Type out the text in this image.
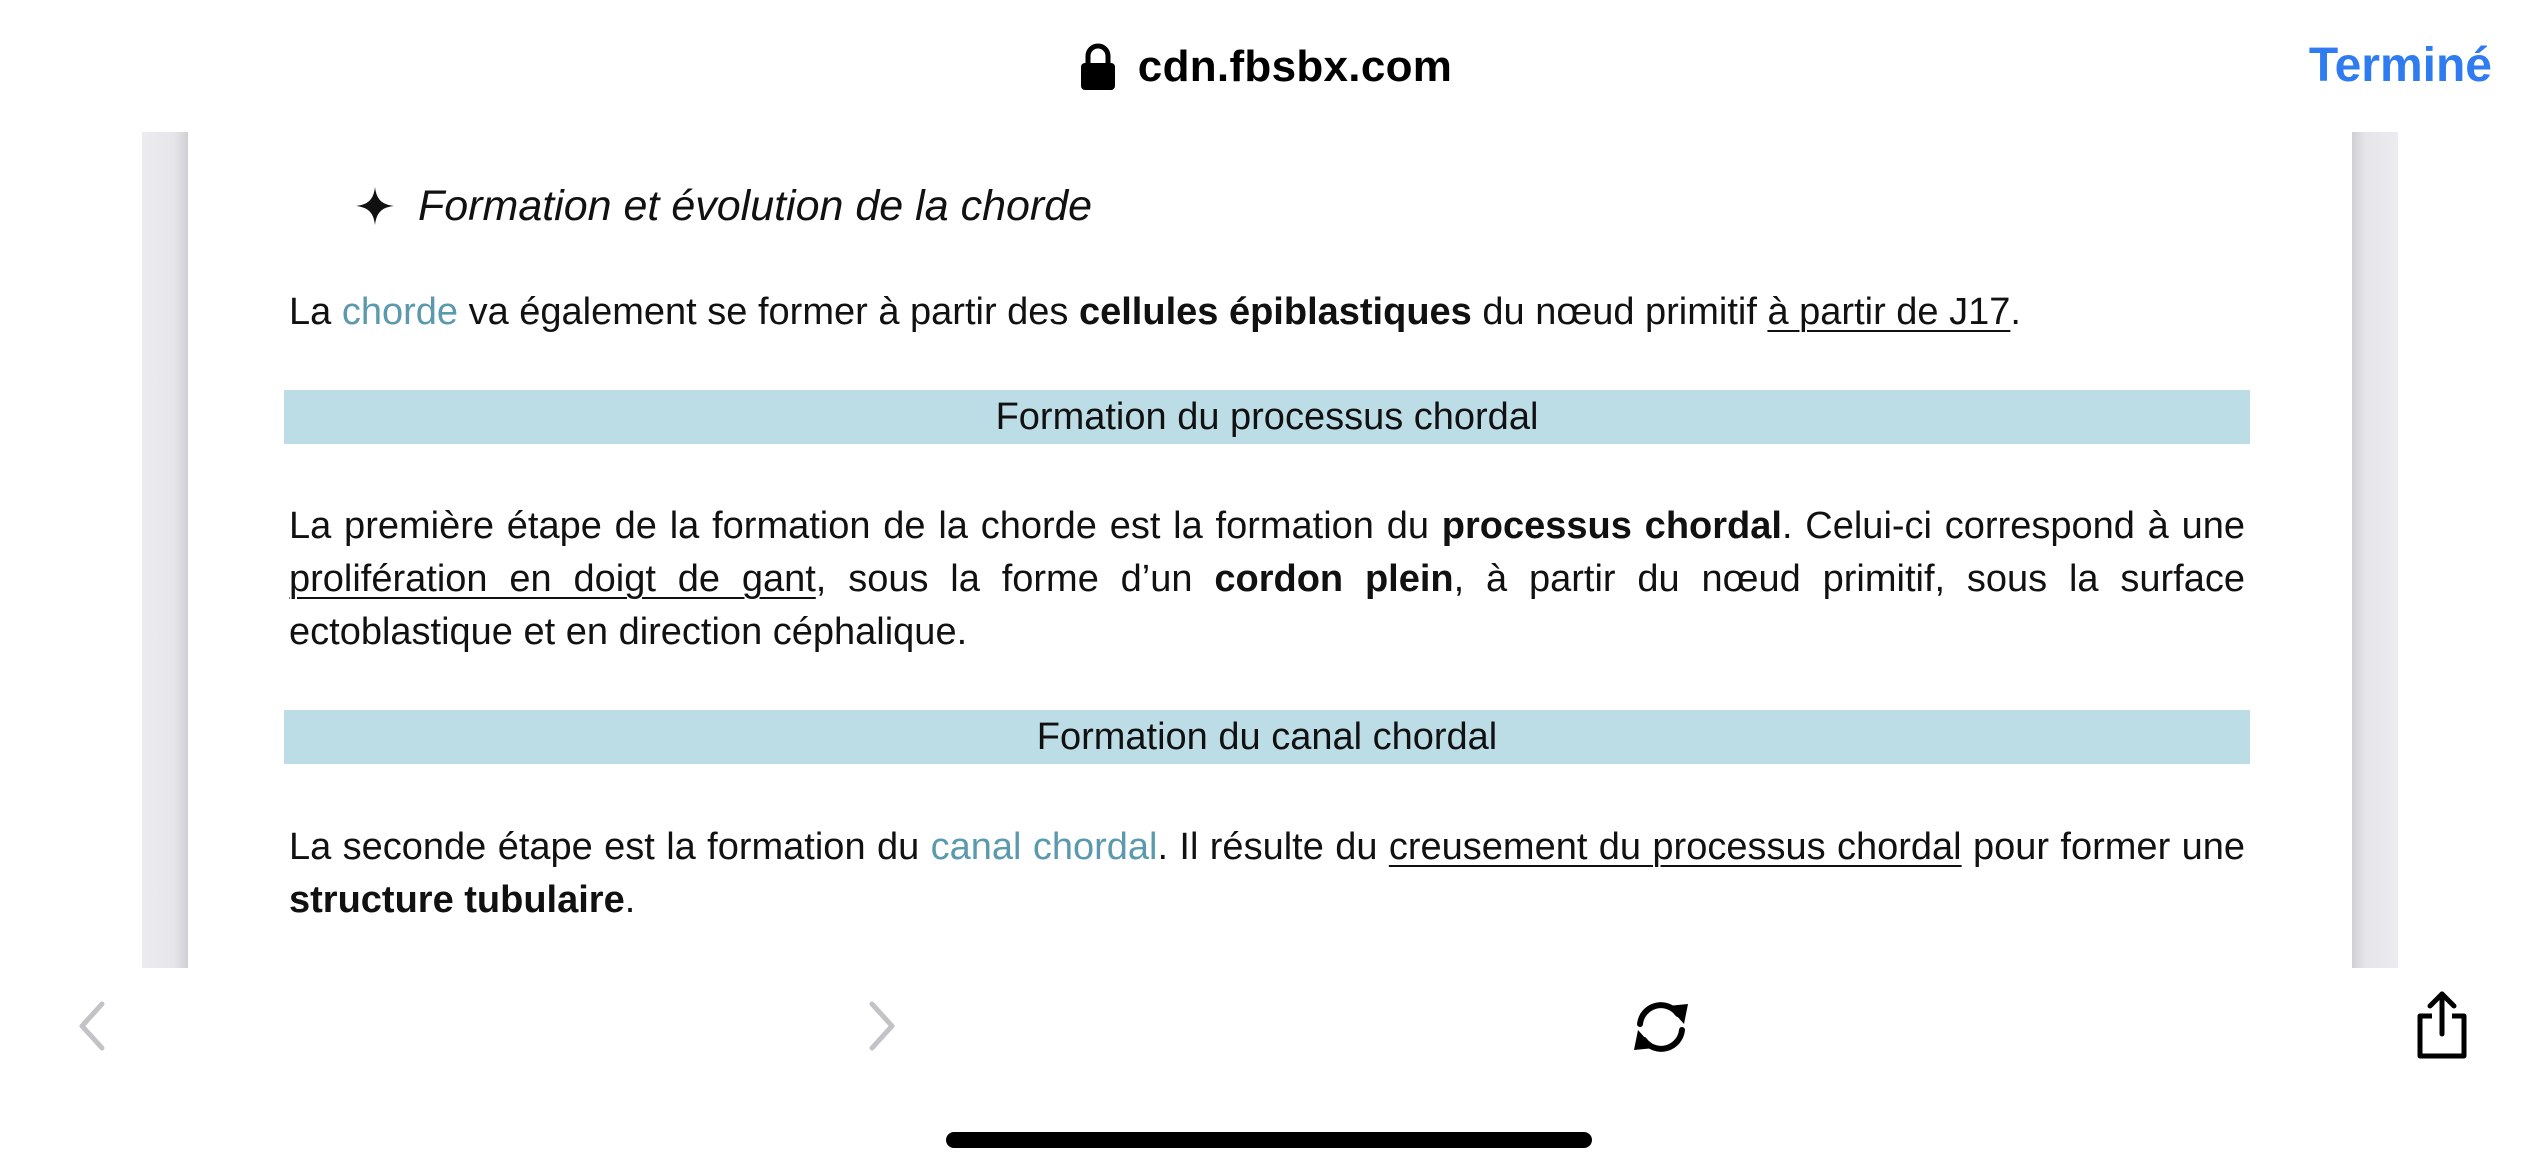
cdn.fbsbx.com	Terminé
Formation et évolution de la chorde

La chorde va également se former à partir des cellules épiblastiques du nœud primitif à partir de J17.

Formation du processus chordal

La première étape de la formation de la chorde est la formation du processus chordal. Celui-ci correspond à une prolifération en doigt de gant, sous la forme d’un cordon plein, à partir du nœud primitif, sous la surface ectoblastique et en direction céphalique.

Formation du canal chordal

La seconde étape est la formation du canal chordal. Il résulte du creusement du processus chordal pour former une structure tubulaire.
